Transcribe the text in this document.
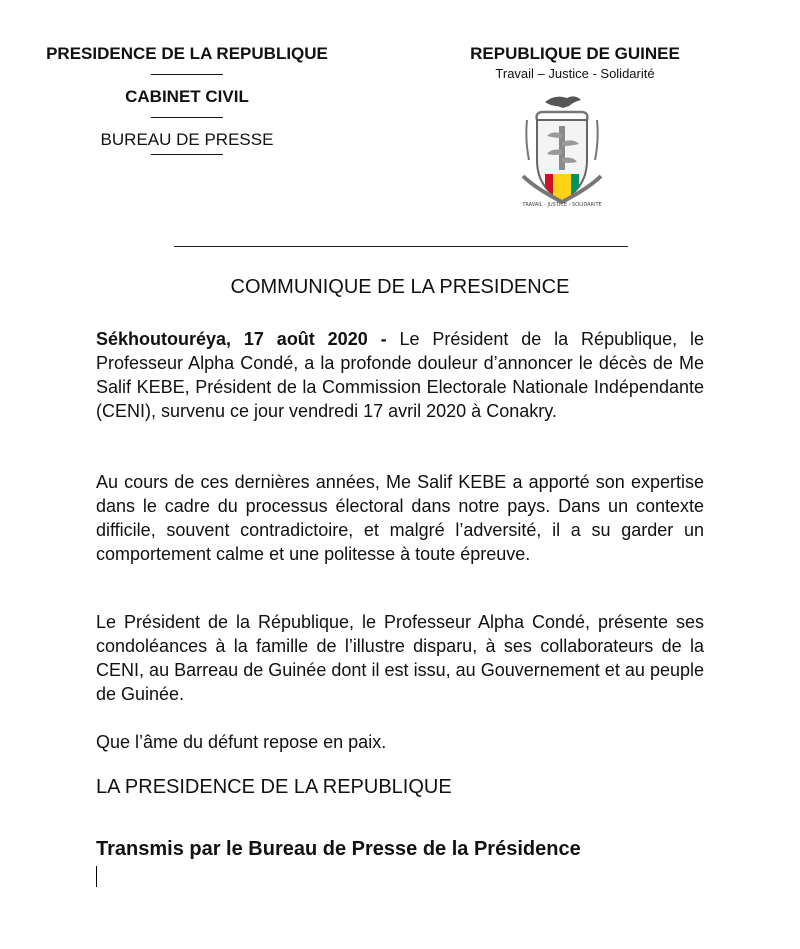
PRESIDENCE DE LA REPUBLIQUE
CABINET CIVIL
BUREAU DE PRESSE
REPUBLIQUE DE GUINEE
Travail – Justice - Solidarité
TRAVAIL - JUSTICE - SOLIDARITE
COMMUNIQUE DE LA PRESIDENCE

Sékhoutouréya, 17 août 2020 - Le Président de la République, le Professeur Alpha Condé, a la profonde douleur d’annoncer le décès de Me Salif KEBE, Président de la Commission Electorale Nationale Indépendante (CENI), survenu ce jour vendredi 17 avril 2020 à Conakry.

Au cours de ces dernières années, Me Salif KEBE a apporté son expertise dans le cadre du processus électoral dans notre pays. Dans un contexte difficile, souvent contradictoire, et malgré l’adversité, il a su garder un comportement calme et une politesse à toute épreuve.

Le Président de la République, le Professeur Alpha Condé, présente ses condoléances à la famille de l’illustre disparu, à ses collaborateurs de la CENI, au Barreau de Guinée dont il est issu, au Gouvernement et au peuple de Guinée.

Que l’âme du défunt repose en paix.

LA PRESIDENCE DE LA REPUBLIQUE
Transmis par le Bureau de Presse de la Présidence
